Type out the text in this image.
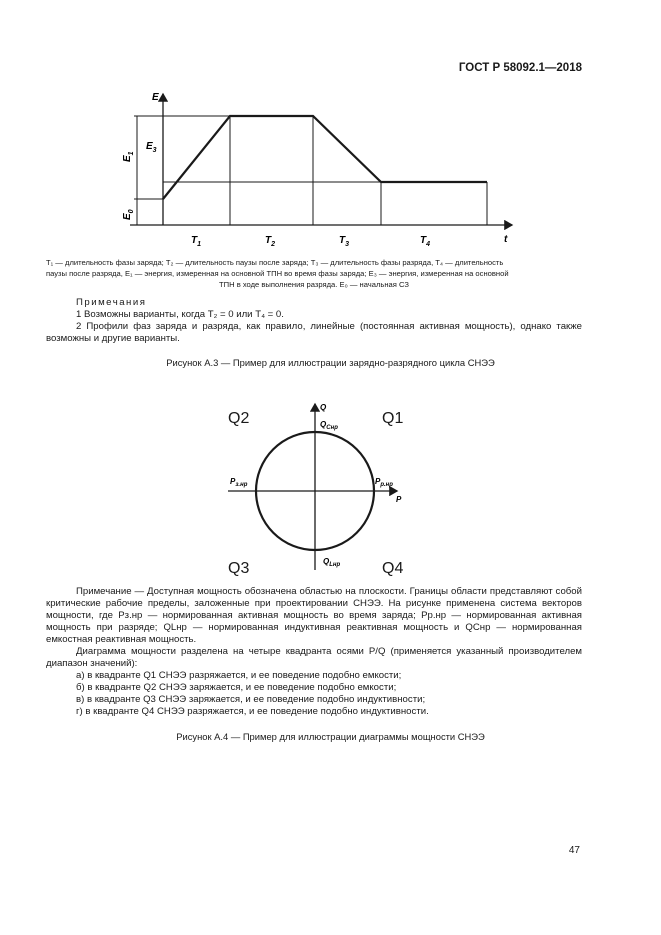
ГОСТ Р 58092.1—2018
E
t
$E_3$
$E_1$
$E_0$
$T_1$	$T_2$	$T_3$	$T_4$

T₁ — длительность фазы заряда; T₂ — длительность паузы после заряда; T₃ — длительность фазы разряда, T₄ — длительность

паузы после разряда, E₁ — энергия, измеренная на основной ТПН во время фазы заряда; E₃ — энергия, измеренная на основной

ТПН в ходе выполнения разряда. E₀ — начальная СЗ

Примечания

1 Возможны варианты, когда T₂ = 0 или T₄ = 0.

2 Профили фаз заряда и разряда, как правило, линейные (постоянная активная мощность), однако также возможны и другие варианты.

Рисунок А.3 — Пример для иллюстрации зарядно-разрядного цикла СНЭЭ
Q
P
$Q_{Cнр}$
$Q_{Lнр}$
$P_{з.нр}$	$P_{р.нр}$
Q2	Q1
Q3	Q4

Примечание — Доступная мощность обозначена областью на плоскости. Границы области представляют собой критические рабочие пределы, заложенные при проектировании СНЭЭ. На рисунке применена система векторов мощности, где Pз.нр — нормированная активная мощность во время заряда; Pр.нр — нормированная активная мощность при разряде; QLнр — нормированная индуктивная реактивная мощность и QCнр — нормированная емкостная реактивная мощность.

Диаграмма мощности разделена на четыре квадранта осями P/Q (применяется указанный производителем диапазон значений):

а) в квадранте Q1 СНЭЭ разряжается, и ее поведение подобно емкости;

б) в квадранте Q2 СНЭЭ заряжается, и ее поведение подобно емкости;

в) в квадранте Q3 СНЭЭ заряжается, и ее поведение подобно индуктивности;

г) в квадранте Q4 СНЭЭ разряжается, и ее поведение подобно индуктивности.

Рисунок А.4 — Пример для иллюстрации диаграммы мощности СНЭЭ
47
